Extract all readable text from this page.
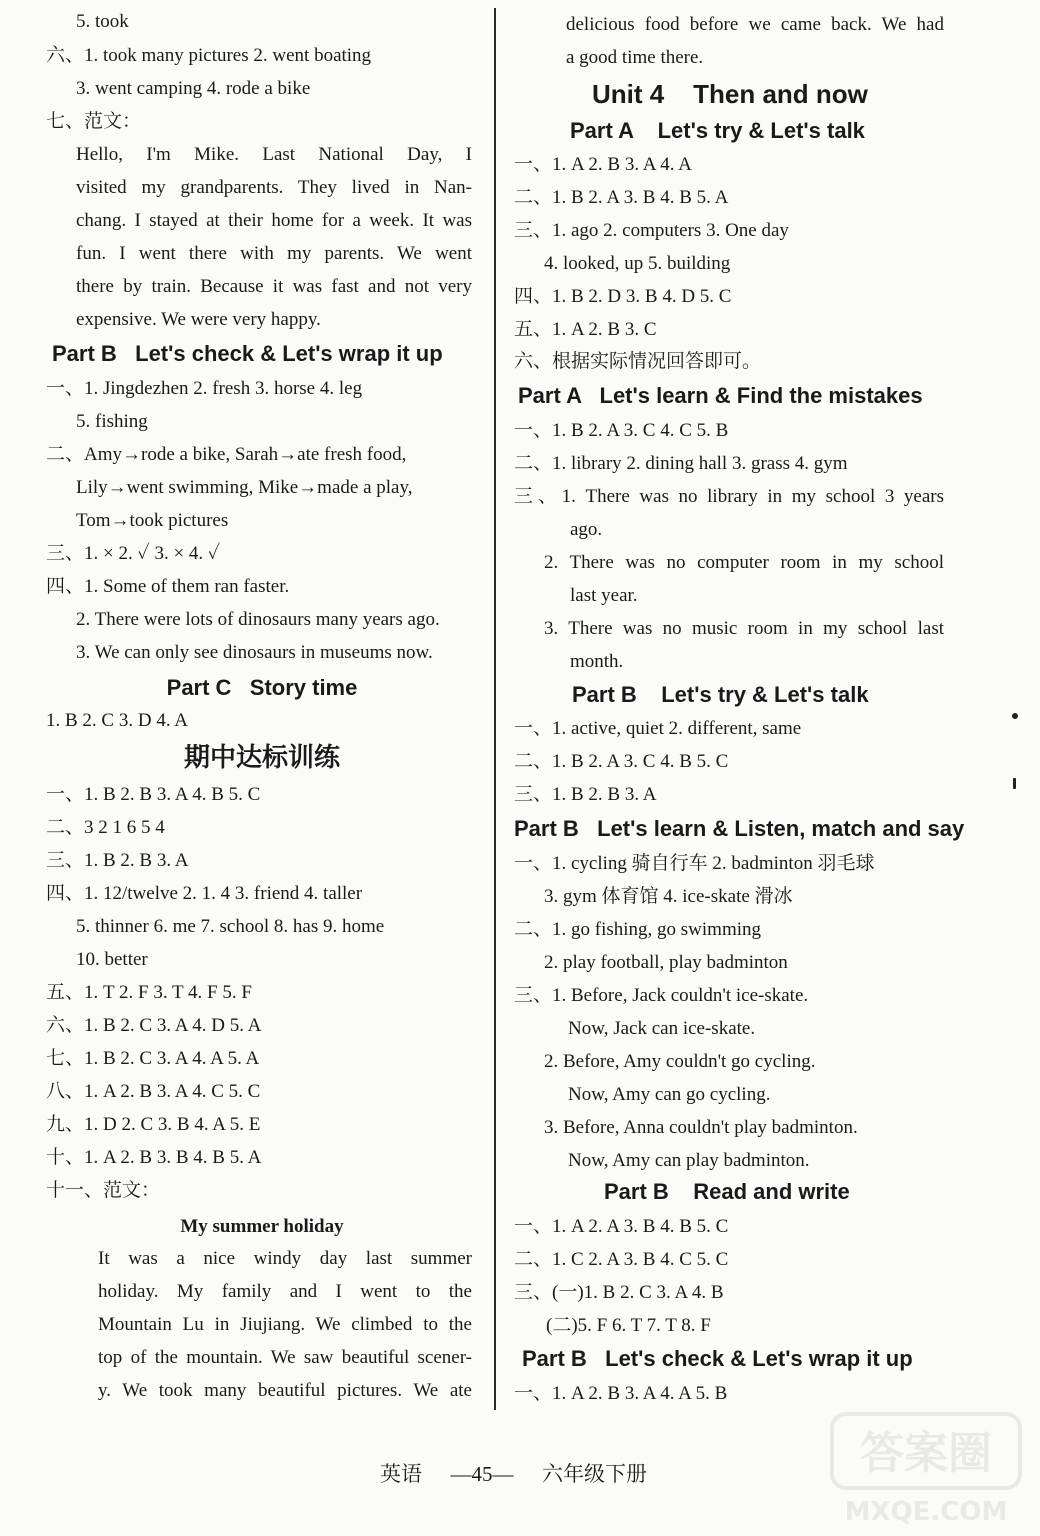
5. took
六、1. took many pictures 2. went boating
3. went camping 4. rode a bike
七、范文：
Hello, I'm Mike. Last National Day, I
visited my grandparents. They lived in Nan-
chang. I stayed at their home for a week. It was
fun. I went there with my parents. We went
there by train. Because it was fast and not very
expensive. We were very happy.
Part B   Let's check & Let's wrap it up
一、1. Jingdezhen 2. fresh 3. horse 4. leg
5. fishing
二、Amy→rode a bike, Sarah→ate fresh food,
Lily→went swimming, Mike→made a play,
Tom→took pictures
三、1. × 2. ✓ 3. × 4. ✓
四、1. Some of them ran faster.
2. There were lots of dinosaurs many years ago.
3. We can only see dinosaurs in museums now.
Part C   Story time
1. B 2. C 3. D 4. A
期中达标训练
一、1. B 2. B 3. A 4. B 5. C
二、3 2 1 6 5 4
三、1. B 2. B 3. A
四、1. 12/twelve 2. 1. 4 3. friend 4. taller
5. thinner 6. me 7. school 8. has 9. home
10. better
五、1. T 2. F 3. T 4. F 5. F
六、1. B 2. C 3. A 4. D 5. A
七、1. B 2. C 3. A 4. A 5. A
八、1. A 2. B 3. A 4. C 5. C
九、1. D 2. C 3. B 4. A 5. E
十、1. A 2. B 3. B 4. B 5. A
十一、范文：
My summer holiday
It was a nice windy day last summer
holiday. My family and I went to the
Mountain Lu in Jiujiang. We climbed to the
top of the mountain. We saw beautiful scener-
y. We took many beautiful pictures. We ate
delicious food before we came back. We had
a good time there.
Unit 4    Then and now
Part A    Let's try & Let's talk
一、1. A 2. B 3. A 4. A
二、1. B 2. A 3. B 4. B 5. A
三、1. ago 2. computers 3. One day
4. looked, up 5. building
四、1. B 2. D 3. B 4. D 5. C
五、1. A 2. B 3. C
六、根据实际情况回答即可。
Part A   Let's learn & Find the mistakes
一、1. B 2. A 3. C 4. C 5. B
二、1. library 2. dining hall 3. grass 4. gym
三、1. There was no library in my school 3 years
ago.
2. There was no computer room in my school
last year.
3. There was no music room in my school last
month.
Part B    Let's try & Let's talk
一、1. active, quiet 2. different, same
二、1. B 2. A 3. C 4. B 5. C
三、1. B 2. B 3. A
Part B   Let's learn & Listen, match and say
一、1. cycling 骑自行车 2. badminton 羽毛球
3. gym 体育馆 4. ice-skate 滑冰
二、1. go fishing, go swimming
2. play football, play badminton
三、1. Before, Jack couldn't ice-skate.
Now, Jack can ice-skate.
2. Before, Amy couldn't go cycling.
Now, Amy can go cycling.
3. Before, Anna couldn't play badminton.
Now, Amy can play badminton.
Part B    Read and write
一、1. A 2. A 3. B 4. B 5. C
二、1. C 2. A 3. B 4. C 5. C
三、(一)1. B 2. C 3. A 4. B
(二)5. F 6. T 7. T 8. F
Part B   Let's check & Let's wrap it up
一、1. A 2. B 3. A 4. A 5. B
英语 —45— 六年级下册	答案圈
MXQE.COM
